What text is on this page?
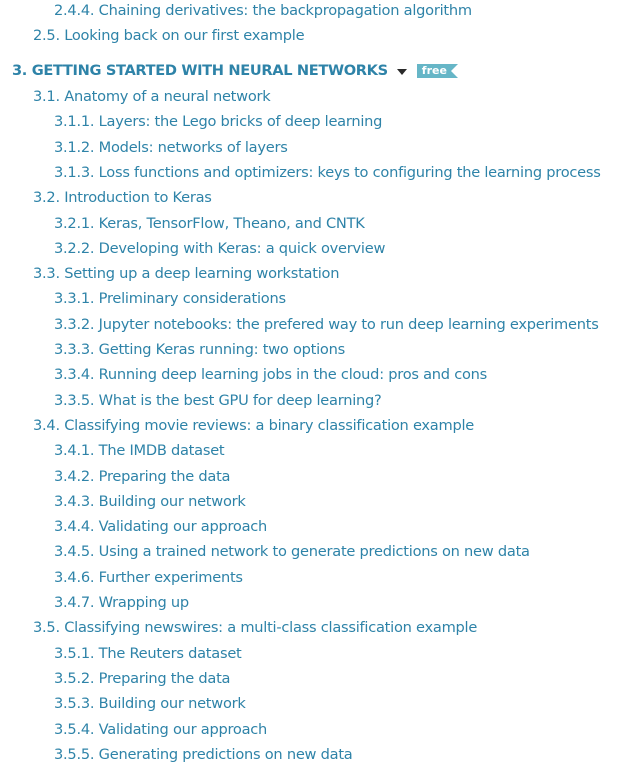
2.4.4. Chaining derivatives: the backpropagation algorithm
2.5. Looking back on our first example
3. GETTING STARTED WITH NEURAL NETWORKS	free
3.1. Anatomy of a neural network
3.1.1. Layers: the Lego bricks of deep learning
3.1.2. Models: networks of layers
3.1.3. Loss functions and optimizers: keys to configuring the learning process
3.2. Introduction to Keras
3.2.1. Keras, TensorFlow, Theano, and CNTK
3.2.2. Developing with Keras: a quick overview
3.3. Setting up a deep learning workstation
3.3.1. Preliminary considerations
3.3.2. Jupyter notebooks: the prefered way to run deep learning experiments
3.3.3. Getting Keras running: two options
3.3.4. Running deep learning jobs in the cloud: pros and cons
3.3.5. What is the best GPU for deep learning?
3.4. Classifying movie reviews: a binary classification example
3.4.1. The IMDB dataset
3.4.2. Preparing the data
3.4.3. Building our network
3.4.4. Validating our approach
3.4.5. Using a trained network to generate predictions on new data
3.4.6. Further experiments
3.4.7. Wrapping up
3.5. Classifying newswires: a multi-class classification example
3.5.1. The Reuters dataset
3.5.2. Preparing the data
3.5.3. Building our network
3.5.4. Validating our approach
3.5.5. Generating predictions on new data
